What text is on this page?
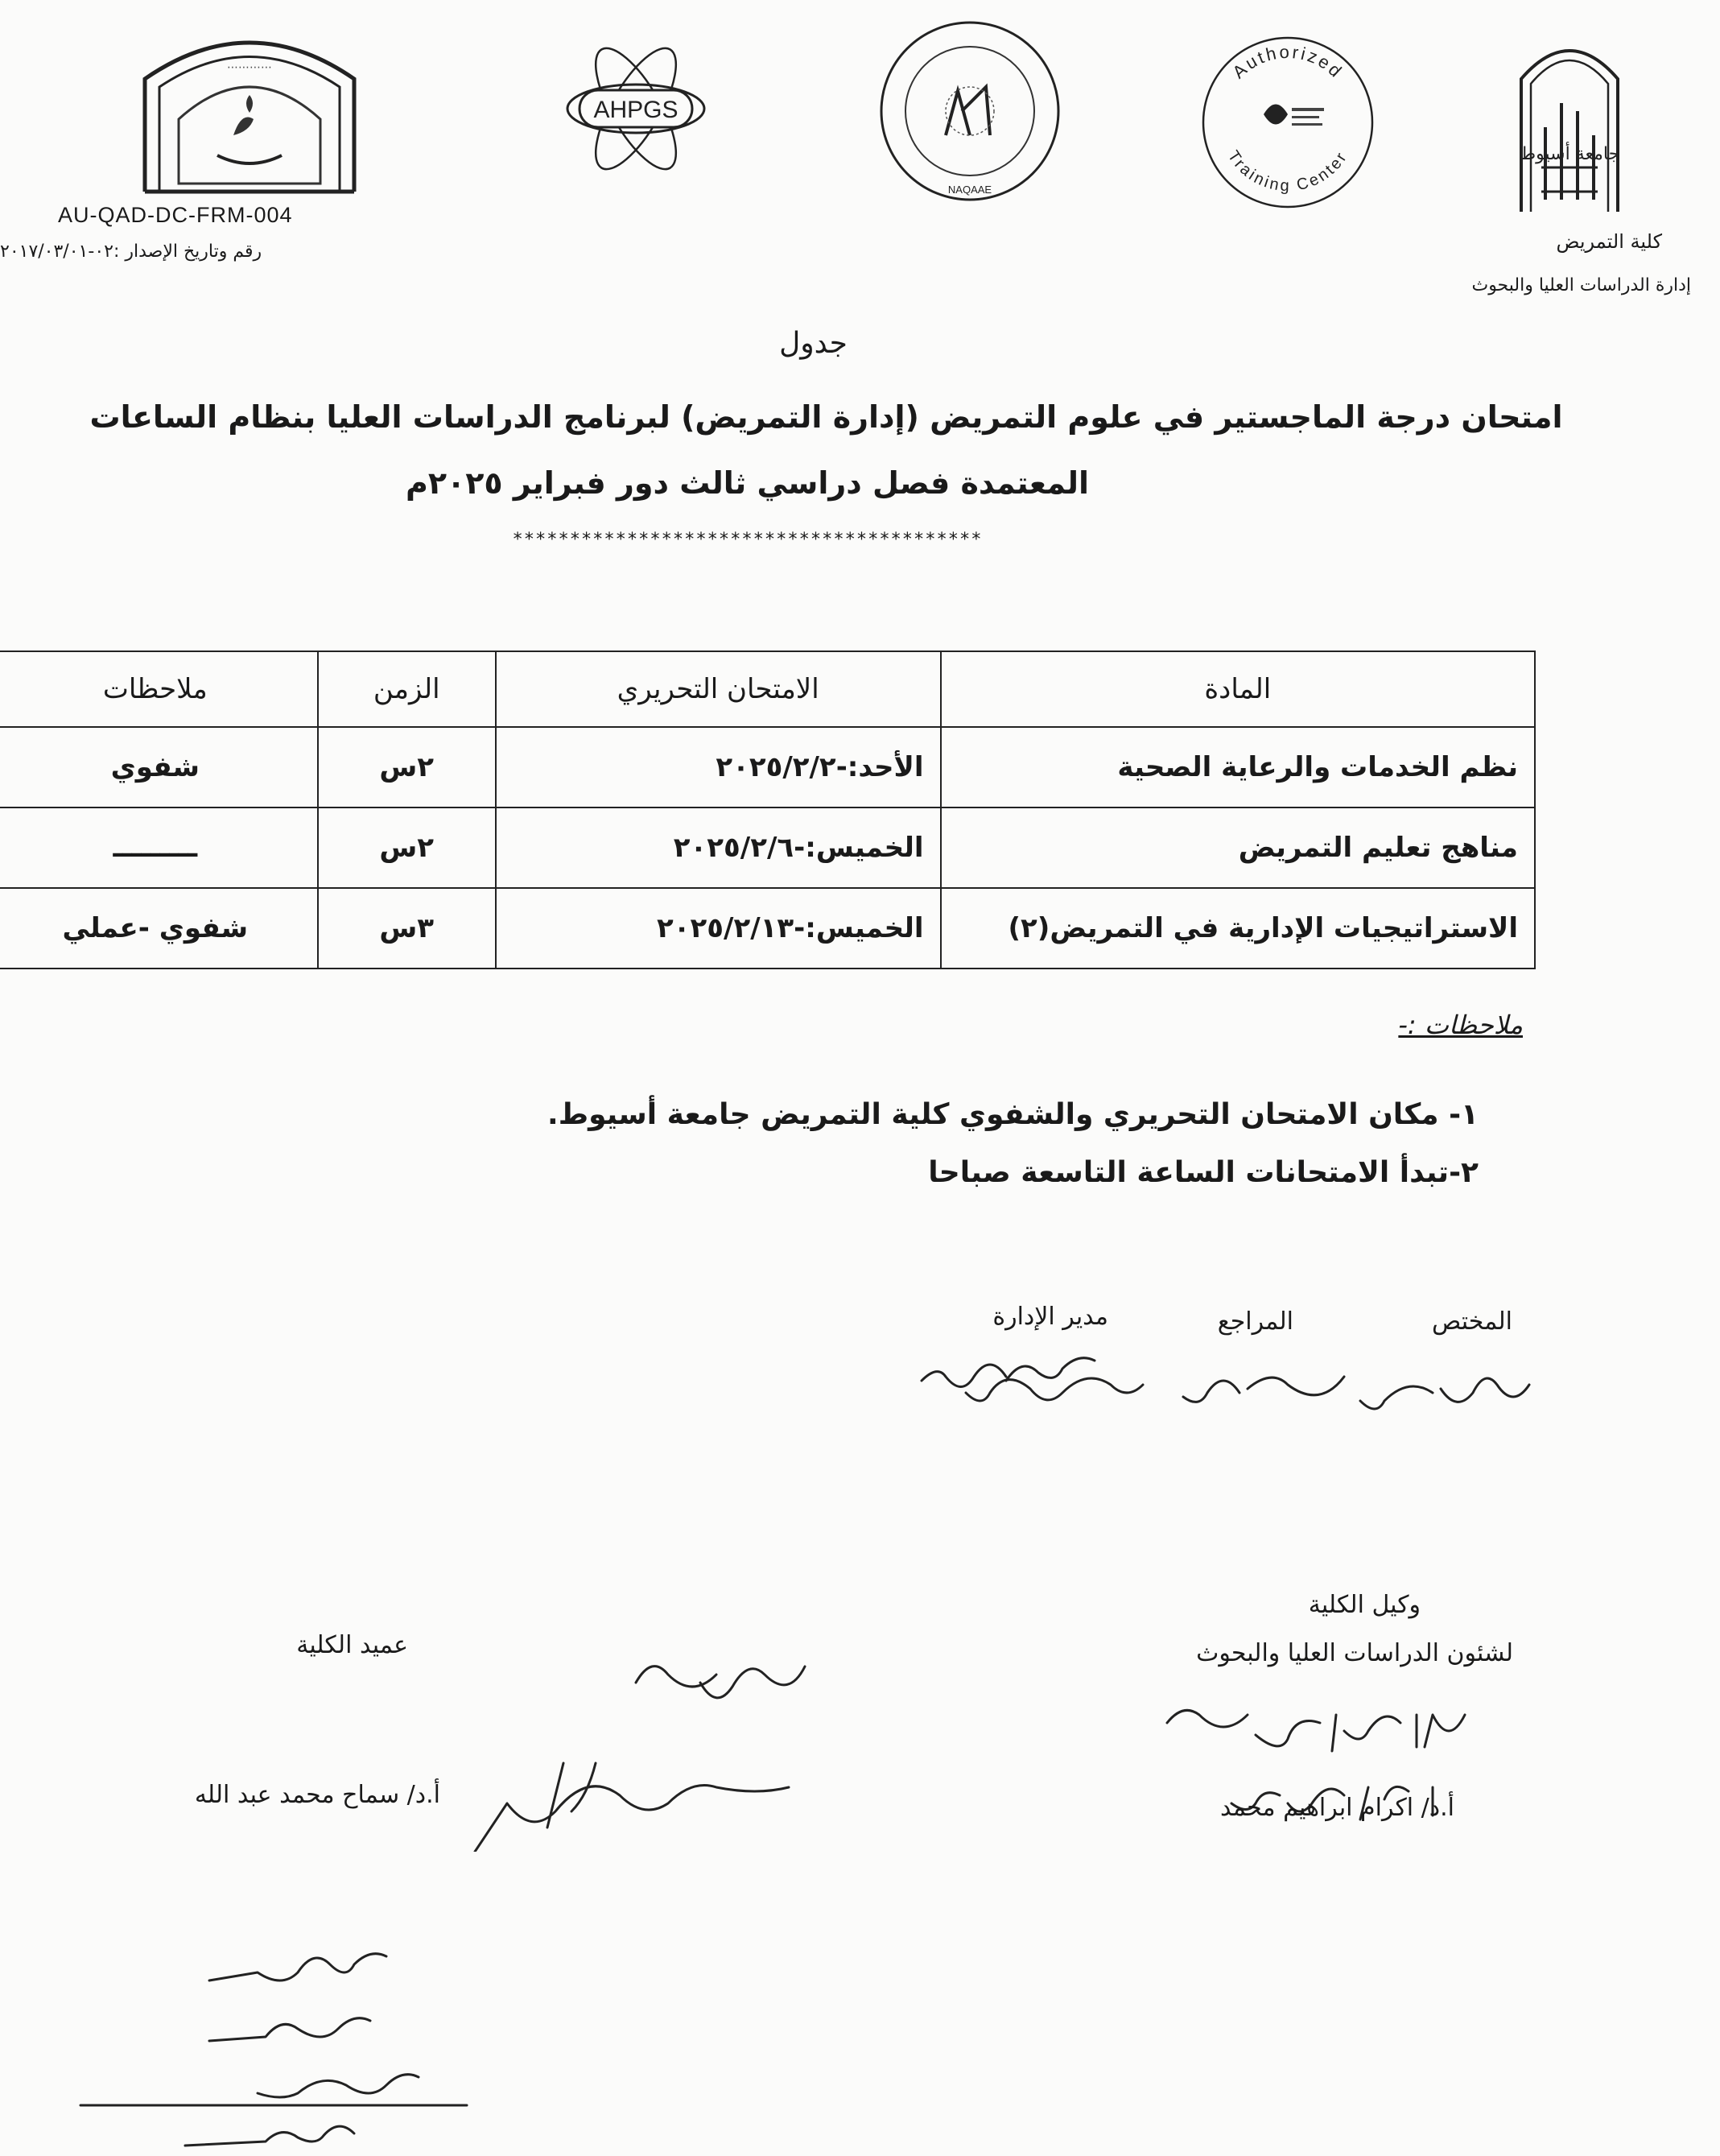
⋯⋯⋯⋯
AU-QAD-DC-FRM-004
رقم وتاريخ الإصدار :٠٢-٢٠١٧/٠٣/٠١
AHPGS
NAQAAE
Authorized
Training Center	جامعة أسيوط
كلية التمريض
إدارة الدراسات العليا والبحوث
جدول
امتحان درجة الماجستير في علوم التمريض (إدارة التمريض) لبرنامج الدراسات العليا بنظام الساعات
المعتمدة فصل دراسي ثالث دور فبراير ٢٠٢٥م
*****************************************
المادة	الامتحان التحريري	الزمن	ملاحظات
نظم الخدمات والرعاية الصحية	الأحد:-٢٠٢٥/٢/٢	٢س	شفوي
مناهج تعليم التمريض	الخميس:-٢٠٢٥/٢/٦	٢س	ـــــــــ
الاستراتيجيات الإدارية في التمريض(٢)	الخميس:-٢٠٢٥/٢/١٣	٣س	شفوي -عملي
ملاحظات :-
١- مكان الامتحان التحريري والشفوي كلية التمريض جامعة أسيوط.
٢-تبدأ الامتحانات الساعة التاسعة صباحا
المختص
المراجع
مدير الإدارة
وكيل الكلية
لشئون الدراسات العليا والبحوث
أ.د/ اكرام ابراهيم محمد
عميد الكلية
أ.د/ سماح محمد عبد الله
